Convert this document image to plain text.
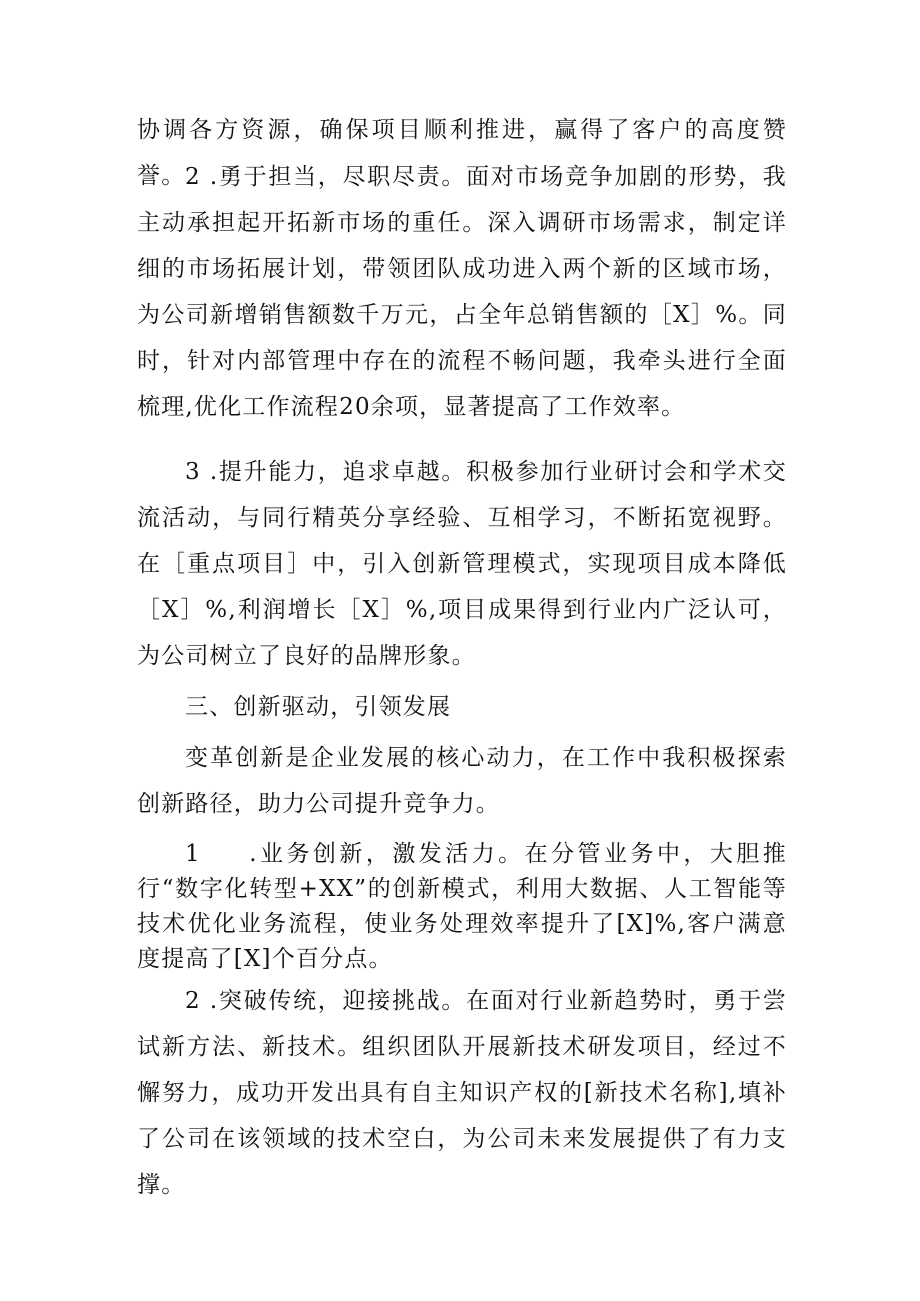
协调各方资源，确保项目顺利推进，赢得了客户的高度赞誉。 2 .勇于担当，尽职尽责。面对市场竞争加剧的形势，我主动承担起开拓新市场的重任。深入调研市场需求，制定详细的市场拓展计划，带领团队成功进入两个新的区域市场，为公司新增销售额数千万元，占全年总销售额的［X］%。同时，针对内部管理中存在的流程不畅问题，我牵头进行全面梳理,优化工作流程20余项，显著提高了工作效率。

3 .提升能力，追求卓越。积极参加行业研讨会和学术交流活动，与同行精英分享经验、互相学习，不断拓宽视野。在［重点项目］中，引入创新管理模式，实现项目成本降低［X］%,利润增长［X］%,项目成果得到行业内广泛认可，为公司树立了良好的品牌形象。

三、创新驱动，引领发展

变革创新是企业发展的核心动力，在工作中我积极探索创新路径，助力公司提升竞争力。

1  .业务创新，激发活力。在分管业务中，大胆推行“数字化转型+XX”的创新模式，利用大数据、人工智能等技术优化业务流程，使业务处理效率提升了[X]%,客户满意度提高了[X]个百分点。

2 .突破传统，迎接挑战。在面对行业新趋势时，勇于尝试新方法、新技术。组织团队开展新技术研发项目，经过不懈努力，成功开发出具有自主知识产权的[新技术名称],填补了公司在该领域的技术空白，为公司未来发展提供了有力支撑。
